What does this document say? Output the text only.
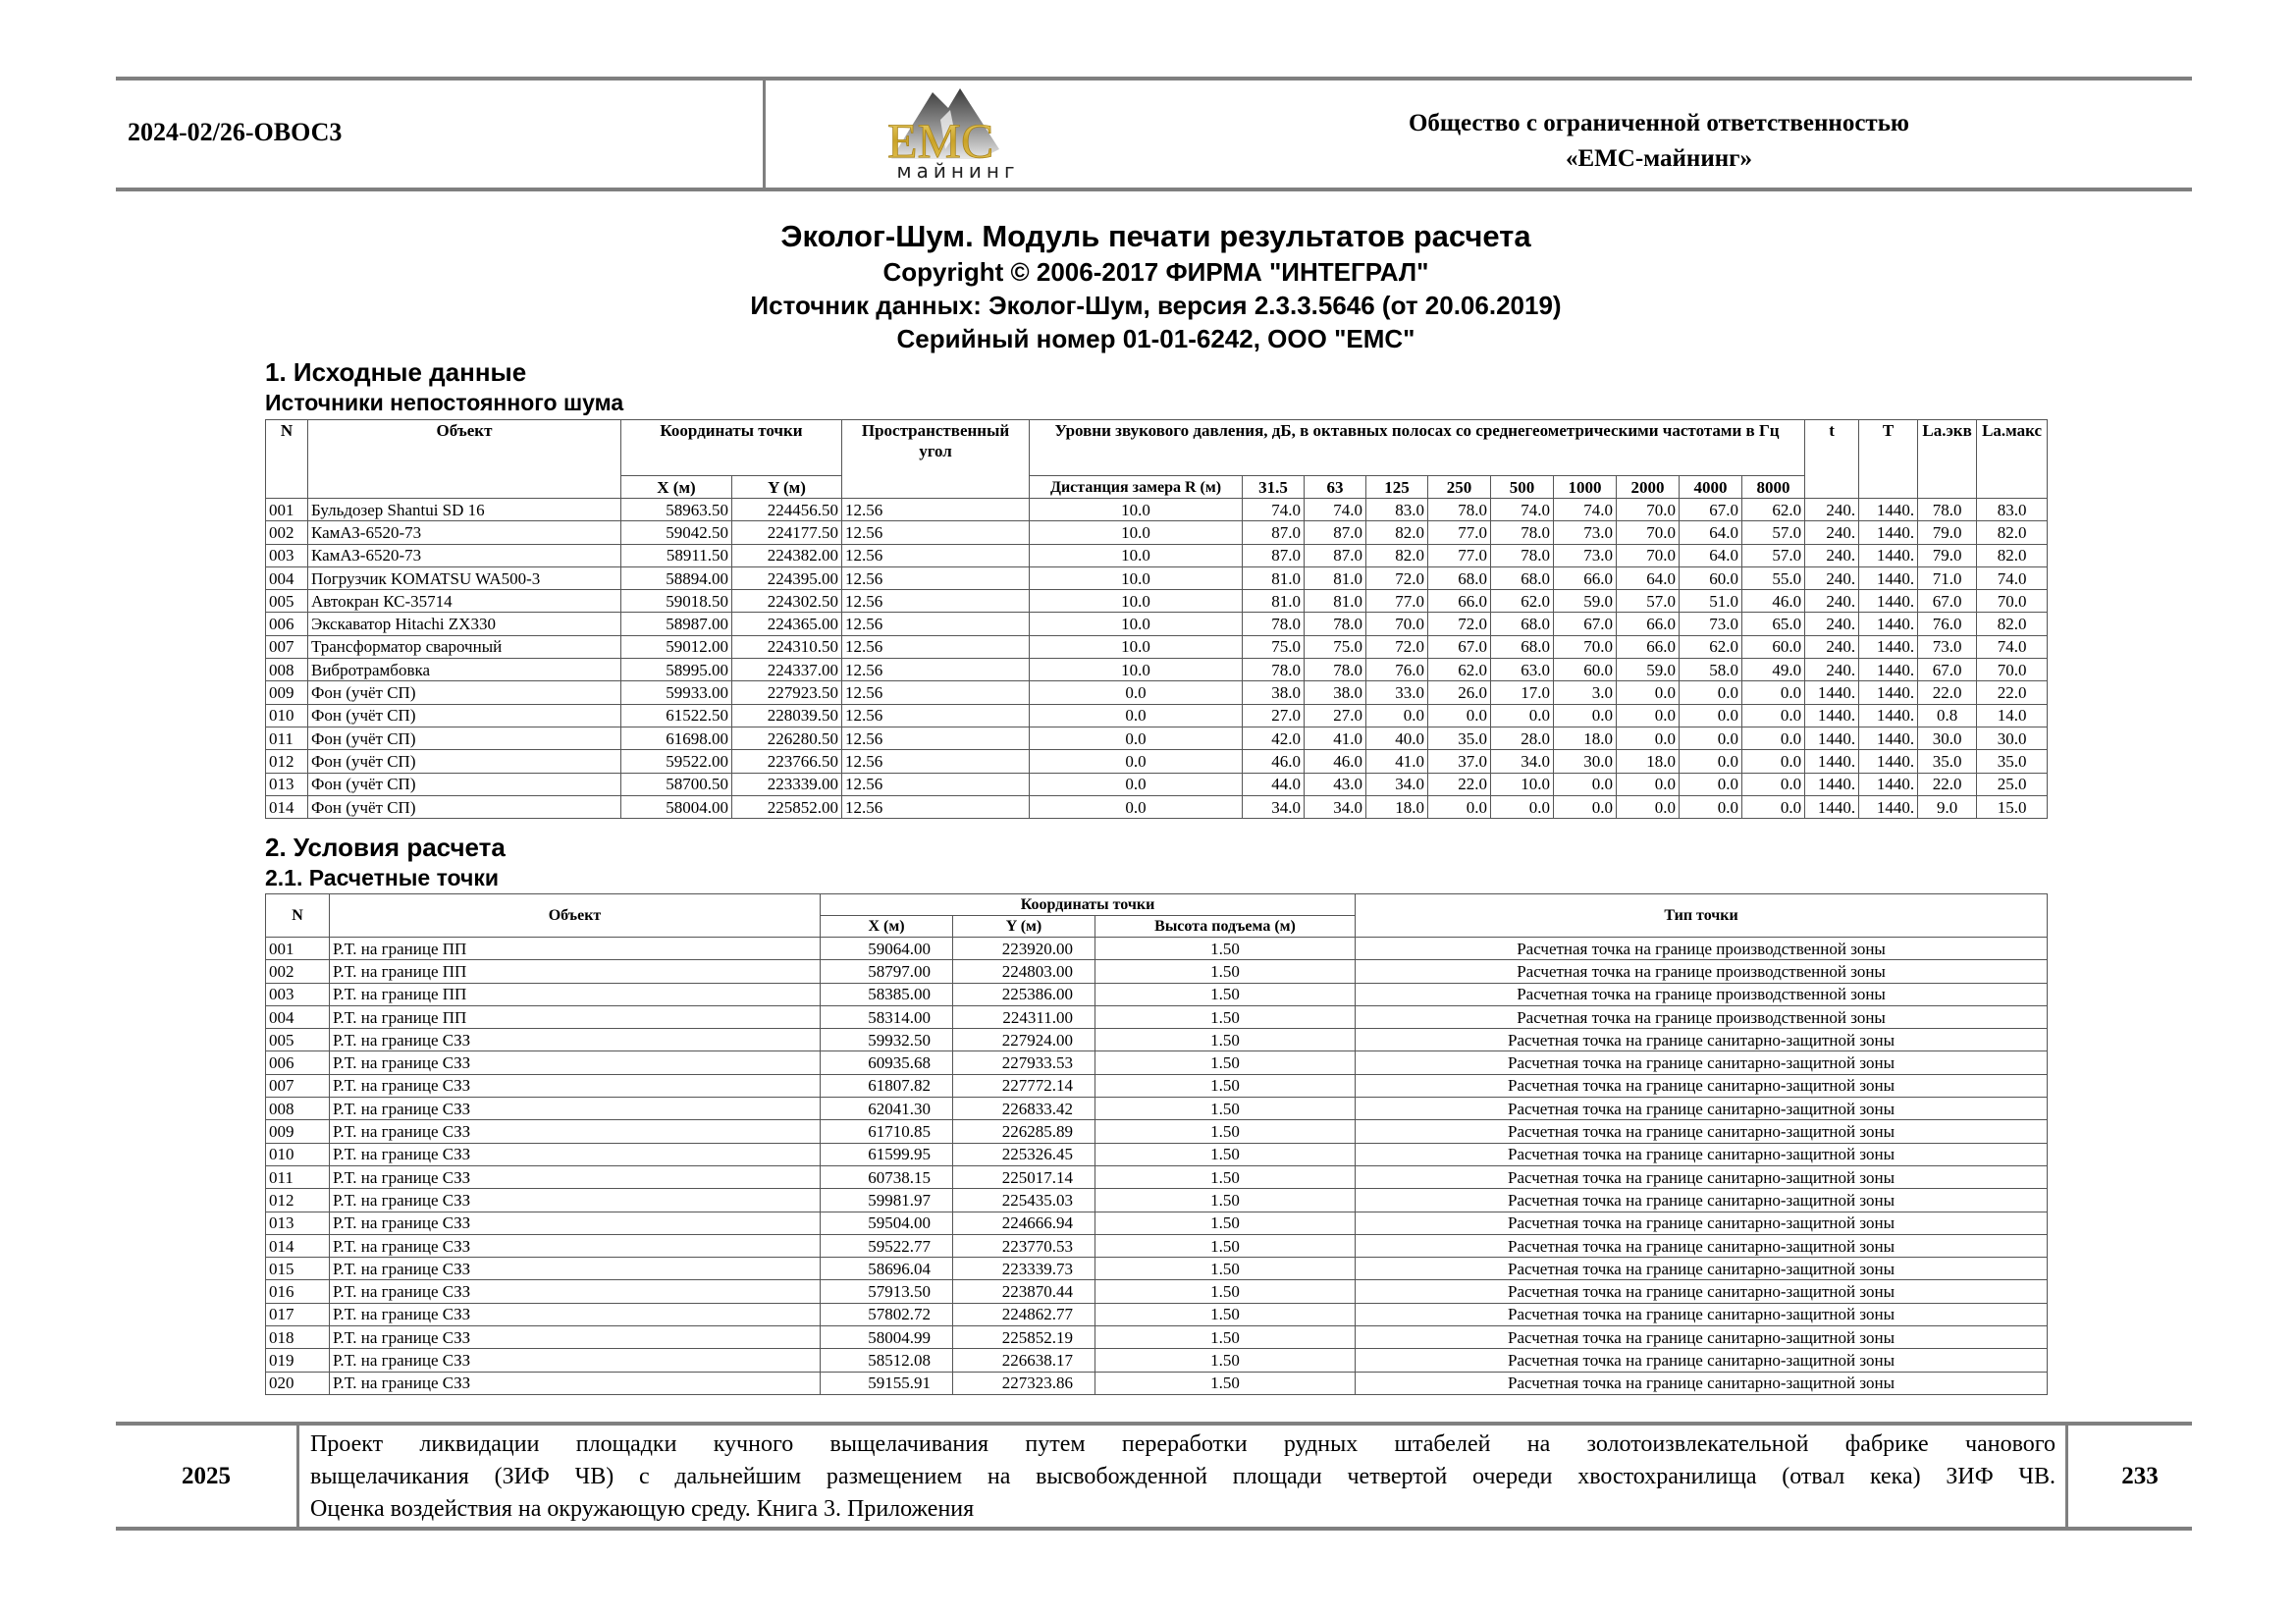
2024-02/26-ОВОС3	EMC
майнинг
Общество с ограниченной ответственностью
«ЕМС-майнинг»
Эколог-Шум. Модуль печати результатов расчета
Copyright © 2006-2017 ФИРМА "ИНТЕГРАЛ"
Источник данных: Эколог-Шум, версия 2.3.3.5646 (от 20.06.2019)
Серийный номер 01-01-6242, ООО "ЕМС"
1. Исходные данные
Источники непостоянного шума
N	Объект	Координаты точки		Пространственный угол	Уровни звукового давления, дБ, в октавных полосах со среднегеометрическими частотами в Гц										t	T	La.экв	La.макс
		X (м)	Y (м)		Дистанция замера R (м)	31.5	63	125	250	500	1000	2000	4000	8000				
001	Бульдозер Shantui SD 16	58963.50	224456.50	12.56	10.0	74.0	74.0	83.0	78.0	74.0	74.0	70.0	67.0	62.0	240.	1440.	78.0	83.0
002	КамАЗ-6520-73	59042.50	224177.50	12.56	10.0	87.0	87.0	82.0	77.0	78.0	73.0	70.0	64.0	57.0	240.	1440.	79.0	82.0
003	КамАЗ-6520-73	58911.50	224382.00	12.56	10.0	87.0	87.0	82.0	77.0	78.0	73.0	70.0	64.0	57.0	240.	1440.	79.0	82.0
004	Погрузчик KOMATSU WA500-3	58894.00	224395.00	12.56	10.0	81.0	81.0	72.0	68.0	68.0	66.0	64.0	60.0	55.0	240.	1440.	71.0	74.0
005	Автокран КС-35714	59018.50	224302.50	12.56	10.0	81.0	81.0	77.0	66.0	62.0	59.0	57.0	51.0	46.0	240.	1440.	67.0	70.0
006	Экскаватор Hitachi ZX330	58987.00	224365.00	12.56	10.0	78.0	78.0	70.0	72.0	68.0	67.0	66.0	73.0	65.0	240.	1440.	76.0	82.0
007	Трансформатор сварочный	59012.00	224310.50	12.56	10.0	75.0	75.0	72.0	67.0	68.0	70.0	66.0	62.0	60.0	240.	1440.	73.0	74.0
008	Вибротрамбовка	58995.00	224337.00	12.56	10.0	78.0	78.0	76.0	62.0	63.0	60.0	59.0	58.0	49.0	240.	1440.	67.0	70.0
009	Фон (учёт СП)	59933.00	227923.50	12.56	0.0	38.0	38.0	33.0	26.0	17.0	3.0	0.0	0.0	0.0	1440.	1440.	22.0	22.0
010	Фон (учёт СП)	61522.50	228039.50	12.56	0.0	27.0	27.0	0.0	0.0	0.0	0.0	0.0	0.0	0.0	1440.	1440.	0.8	14.0
011	Фон (учёт СП)	61698.00	226280.50	12.56	0.0	42.0	41.0	40.0	35.0	28.0	18.0	0.0	0.0	0.0	1440.	1440.	30.0	30.0
012	Фон (учёт СП)	59522.00	223766.50	12.56	0.0	46.0	46.0	41.0	37.0	34.0	30.0	18.0	0.0	0.0	1440.	1440.	35.0	35.0
013	Фон (учёт СП)	58700.50	223339.00	12.56	0.0	44.0	43.0	34.0	22.0	10.0	0.0	0.0	0.0	0.0	1440.	1440.	22.0	25.0
014	Фон (учёт СП)	58004.00	225852.00	12.56	0.0	34.0	34.0	18.0	0.0	0.0	0.0	0.0	0.0	0.0	1440.	1440.	9.0	15.0
2. Условия расчета
2.1. Расчетные точки
N	Объект	Координаты точки			Тип точки
		X (м)	Y (м)	Высота подъема (м)	
001	Р.Т. на границе ПП	59064.00	223920.00	1.50	Расчетная точка на границе производственной зоны
002	Р.Т. на границе ПП	58797.00	224803.00	1.50	Расчетная точка на границе производственной зоны
003	Р.Т. на границе ПП	58385.00	225386.00	1.50	Расчетная точка на границе производственной зоны
004	Р.Т. на границе ПП	58314.00	224311.00	1.50	Расчетная точка на границе производственной зоны
005	Р.Т. на границе СЗЗ	59932.50	227924.00	1.50	Расчетная точка на границе санитарно-защитной зоны
006	Р.Т. на границе СЗЗ	60935.68	227933.53	1.50	Расчетная точка на границе санитарно-защитной зоны
007	Р.Т. на границе СЗЗ	61807.82	227772.14	1.50	Расчетная точка на границе санитарно-защитной зоны
008	Р.Т. на границе СЗЗ	62041.30	226833.42	1.50	Расчетная точка на границе санитарно-защитной зоны
009	Р.Т. на границе СЗЗ	61710.85	226285.89	1.50	Расчетная точка на границе санитарно-защитной зоны
010	Р.Т. на границе СЗЗ	61599.95	225326.45	1.50	Расчетная точка на границе санитарно-защитной зоны
011	Р.Т. на границе СЗЗ	60738.15	225017.14	1.50	Расчетная точка на границе санитарно-защитной зоны
012	Р.Т. на границе СЗЗ	59981.97	225435.03	1.50	Расчетная точка на границе санитарно-защитной зоны
013	Р.Т. на границе СЗЗ	59504.00	224666.94	1.50	Расчетная точка на границе санитарно-защитной зоны
014	Р.Т. на границе СЗЗ	59522.77	223770.53	1.50	Расчетная точка на границе санитарно-защитной зоны
015	Р.Т. на границе СЗЗ	58696.04	223339.73	1.50	Расчетная точка на границе санитарно-защитной зоны
016	Р.Т. на границе СЗЗ	57913.50	223870.44	1.50	Расчетная точка на границе санитарно-защитной зоны
017	Р.Т. на границе СЗЗ	57802.72	224862.77	1.50	Расчетная точка на границе санитарно-защитной зоны
018	Р.Т. на границе СЗЗ	58004.99	225852.19	1.50	Расчетная точка на границе санитарно-защитной зоны
019	Р.Т. на границе СЗЗ	58512.08	226638.17	1.50	Расчетная точка на границе санитарно-защитной зоны
020	Р.Т. на границе СЗЗ	59155.91	227323.86	1.50	Расчетная точка на границе санитарно-защитной зоны
2025
Проект ликвидации площадки кучного выщелачивания путем переработки рудных штабелей на золотоизвлекательной фабрике чанового
выщелачикания (ЗИФ ЧВ) с дальнейшим размещением на высвобожденной площади четвертой очереди хвостохранилища (отвал кека) ЗИФ ЧВ.
Оценка воздействия на окружающую среду. Книга 3. Приложения
233
